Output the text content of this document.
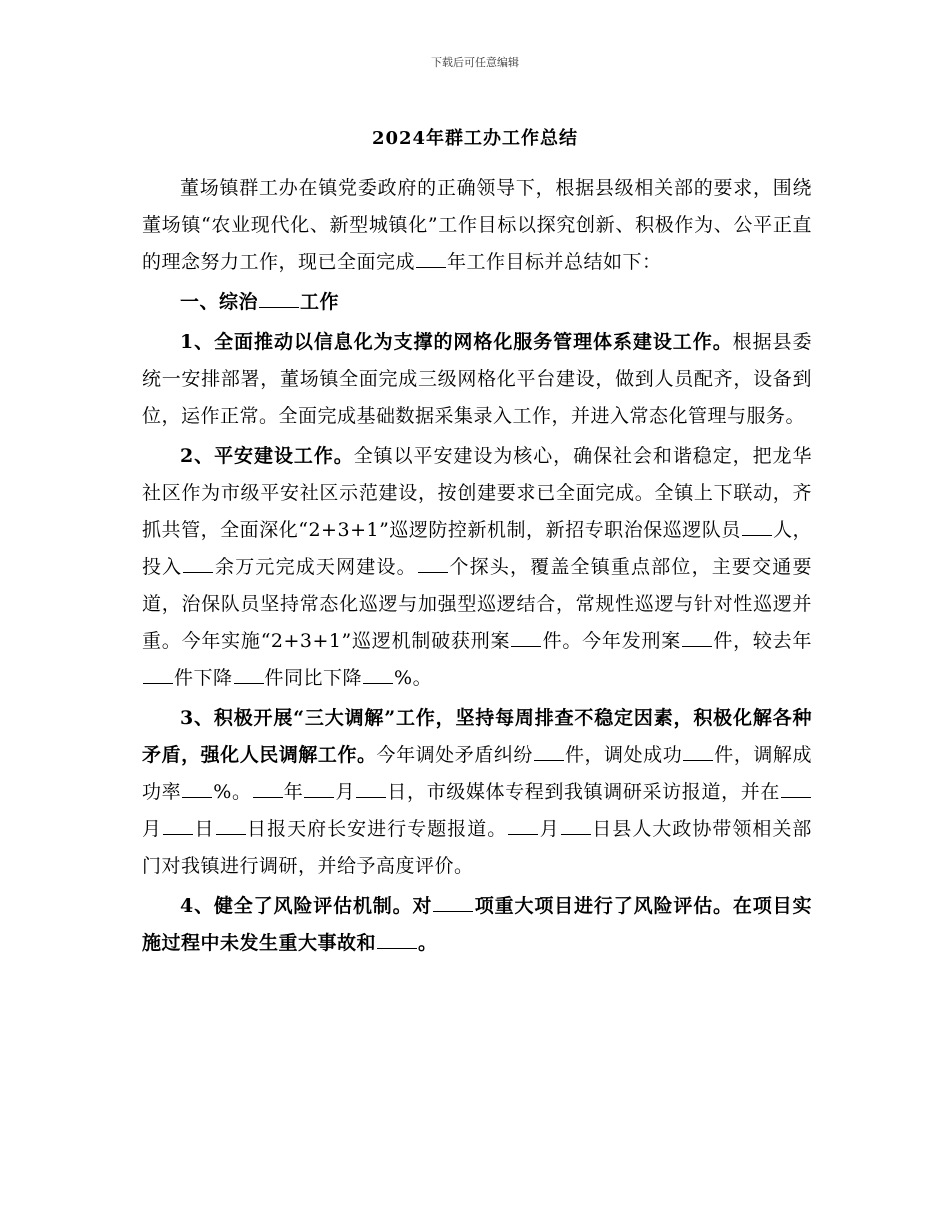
下载后可任意编辑
2024年群工办工作总结

董场镇群工办在镇党委政府的正确领导下，根据县级相关部的要求，围绕董场镇“农业现代化、新型城镇化”工作目标以探究创新、积极作为、公平正直的理念努力工作，现已全面完成 年工作目标并总结如下：

一、综治 工作

1、全面推动以信息化为支撑的网格化服务管理体系建设工作。根据县委统一安排部署，董场镇全面完成三级网格化平台建设，做到人员配齐，设备到位，运作正常。全面完成基础数据采集录入工作，并进入常态化管理与服务。

2、平安建设工作。全镇以平安建设为核心，确保社会和谐稳定，把龙华社区作为市级平安社区示范建设，按创建要求已全面完成。全镇上下联动，齐抓共管，全面深化“2+3+1”巡逻防控新机制，新招专职治保巡逻队员 人，投入 余万元完成天网建设。 个探头，覆盖全镇重点部位，主要交通要道，治保队员坚持常态化巡逻与加强型巡逻结合，常规性巡逻与针对性巡逻并重。今年实施“2+3+1”巡逻机制破获刑案 件。今年发刑案 件，较去年件下降 件同比下降 %。

3、积极开展“三大调解”工作，坚持每周排查不稳定因素，积极化解各种矛盾，强化人民调解工作。今年调处矛盾纠纷 件，调处成功 件，调解成功率 %。 年 月 日，市级媒体专程到我镇调研采访报道，并在月 日 日报天府长安进行专题报道。 月 日县人大政协带领相关部门对我镇进行调研，并给予高度评价。

4、健全了风险评估机制。对 项重大项目进行了风险评估。在项目实施过程中未发生重大事故和 。
